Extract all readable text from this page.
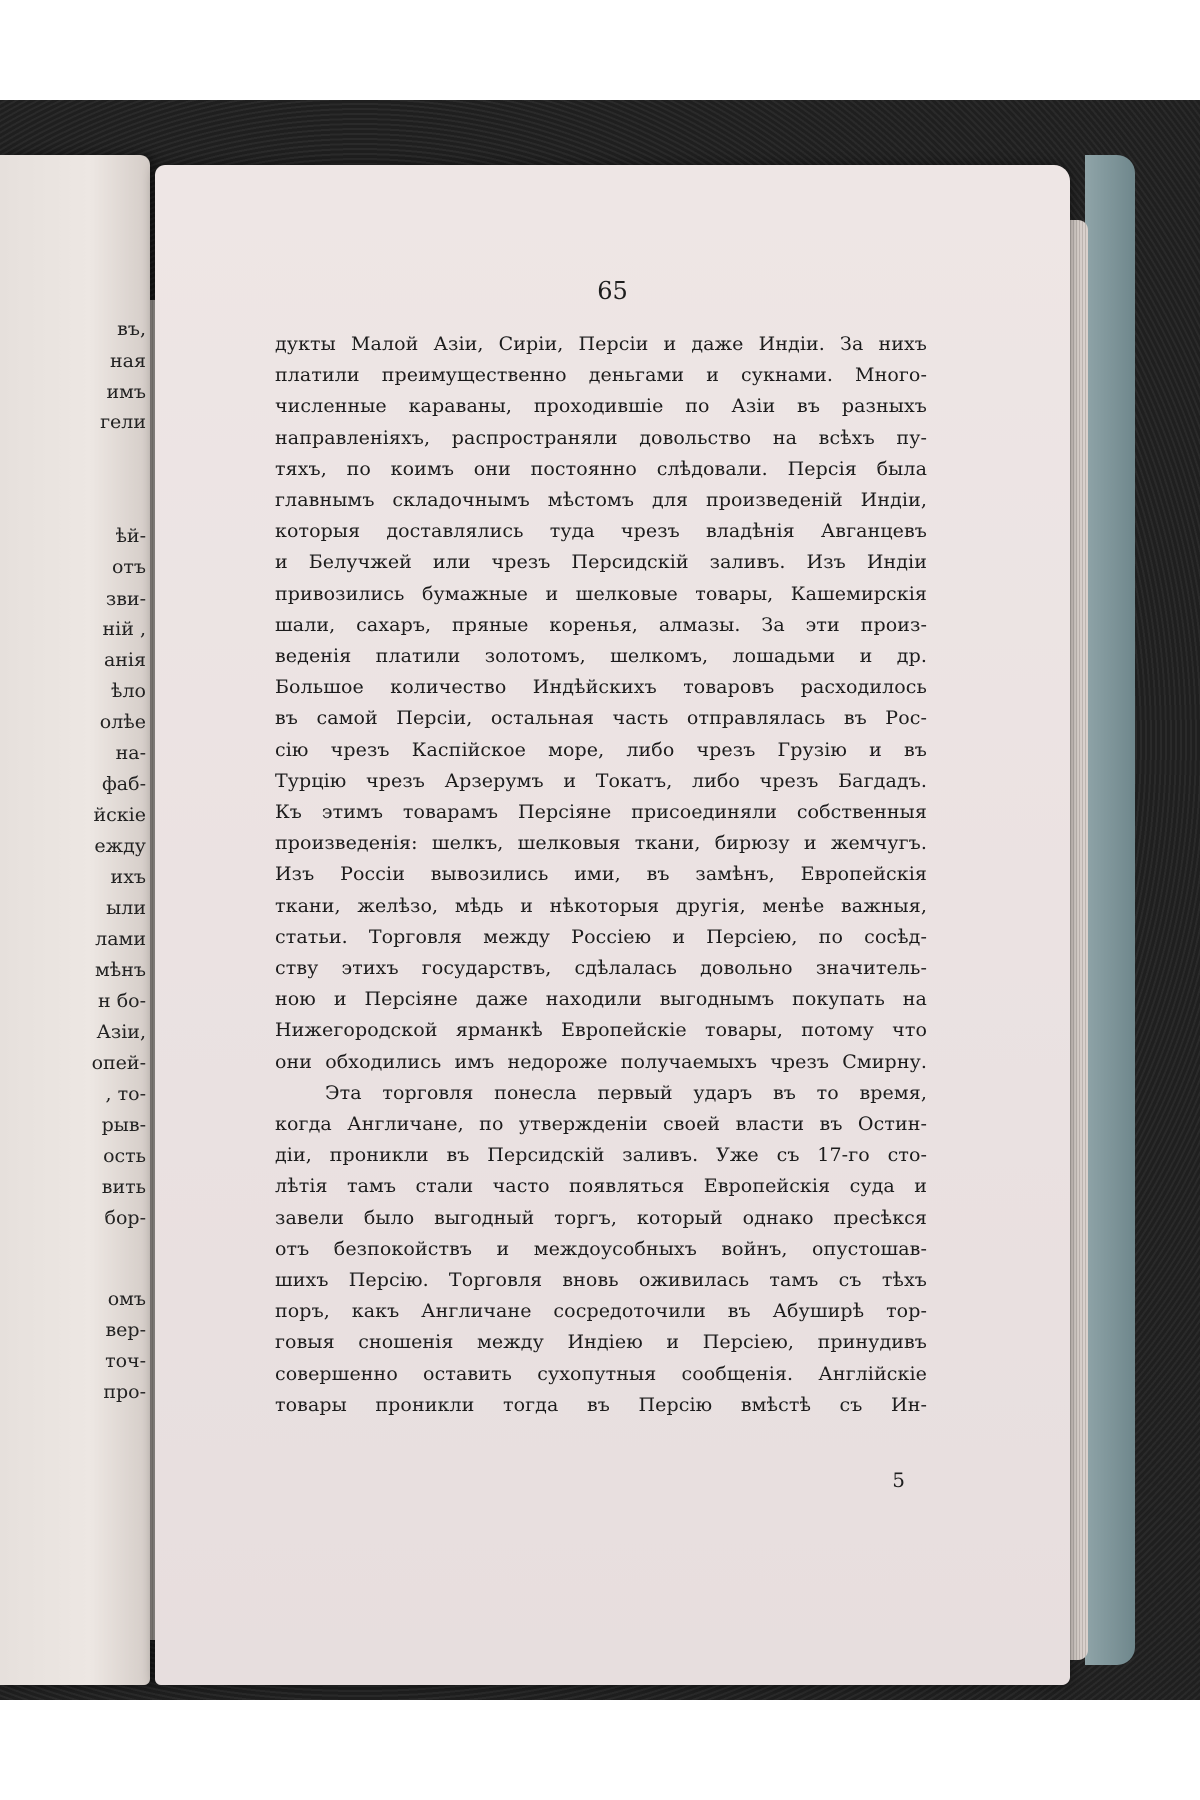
въ,
ная
имъ
гели
ѣй-
отъ
зви-
ній ,
анія
ѣло
олѣе
на-
фаб-
йскіе
ежду
ихъ
ыли
лами
мѣнъ
н бо-
Азіи,
опей-
, то-
рыв-
ость
вить
бор-
омъ
вер-
точ-
про-
65
дукты Малой Азіи, Сиріи, Персіи и даже Индіи. За нихъ
платили преимущественно деньгами и сукнами. Много-
численные караваны, проходившіе по Азіи въ разныхъ
направленіяхъ, распространяли довольство на всѣхъ пу-
тяхъ, по коимъ они постоянно слѣдовали. Персія была
главнымъ складочнымъ мѣстомъ для произведеній Индіи,
которыя доставлялись туда чрезъ владѣнія Авганцевъ
и Белучжей или чрезъ Персидскій заливъ. Изъ Индіи
привозились бумажные и шелковые товары, Кашемирскія
шали, сахаръ, пряные коренья, алмазы. За эти произ-
веденія платили золотомъ, шелкомъ, лошадьми и др.
Большое количество Индѣйскихъ товаровъ расходилось
въ самой Персіи, остальная часть отправлялась въ Рос-
сію чрезъ Каспійское море, либо чрезъ Грузію и въ
Турцію чрезъ Арзерумъ и Токатъ, либо чрезъ Багдадъ.
Къ этимъ товарамъ Персіяне присоединяли собственныя
произведенія: шелкъ, шелковыя ткани, бирюзу и жемчугъ.
Изъ Россіи вывозились ими, въ замѣнъ, Европейскія
ткани, желѣзо, мѣдь и нѣкоторыя другія, менѣе важныя,
статьи. Торговля между Россіею и Персіею, по сосѣд-
ству этихъ государствъ, сдѣлалась довольно значитель-
ною и Персіяне даже находили выгоднымъ покупать на
Нижегородской ярманкѣ Европейскіе товары, потому что
они обходились имъ недороже получаемыхъ чрезъ Смирну.
Эта торговля понесла первый ударъ въ то время,
когда Англичане, по утвержденіи своей власти въ Остин-
діи, проникли въ Персидскій заливъ. Уже съ 17-го сто-
лѣтія тамъ стали часто появляться Европейскія суда и
завели было выгодный торгъ, который однако пресѣкся
отъ безпокойствъ и междоусобныхъ войнъ, опустошав-
шихъ Персію. Торговля вновь оживилась тамъ съ тѣхъ
поръ, какъ Англичане сосредоточили въ Абуширѣ тор-
говыя сношенія между Индіею и Персіею, принудивъ
совершенно оставить сухопутныя сообщенія. Англійскіе
товары проникли тогда въ Персію вмѣстѣ съ Ин-
5
